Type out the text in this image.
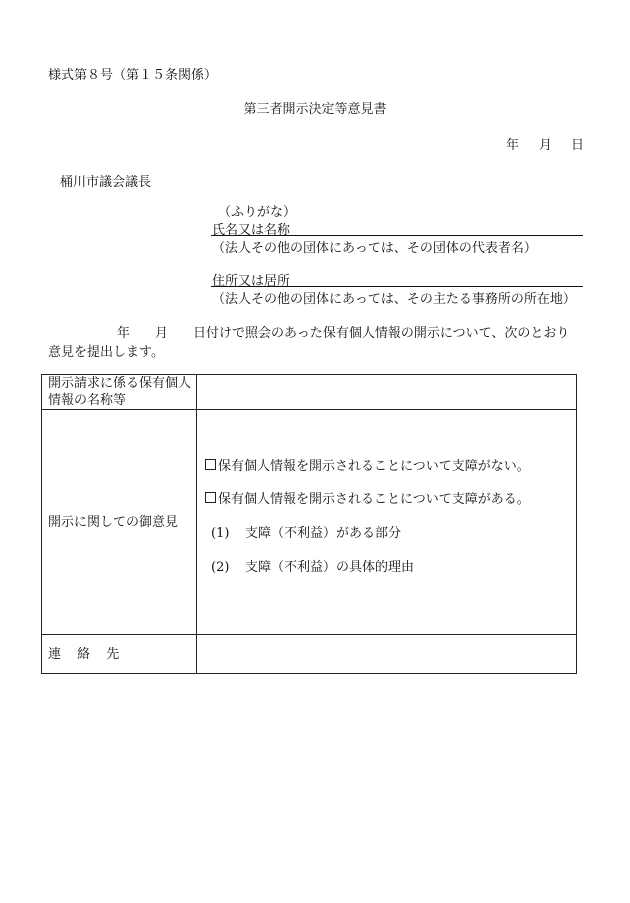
様式第８号（第１５条関係）
第三者開示決定等意見書
年 月 日
桶川市議会議長
（ふりがな）
氏名又は名称
（法人その他の団体にあっては、その団体の代表者名）
住所又は居所
（法人その他の団体にあっては、その主たる事務所の所在地）
年 月 日付けで照会のあった保有個人情報の開示について、次のとおり
意見を提出します。
開示請求に係る保有個人情報の名称等	
開示に関しての御意見	保有個人情報を開示されることについて支障がない。
保有個人情報を開示されることについて支障がある。
(1) 支障（不利益）がある部分
(2) 支障（不利益）の具体的理由

連 絡 先	
